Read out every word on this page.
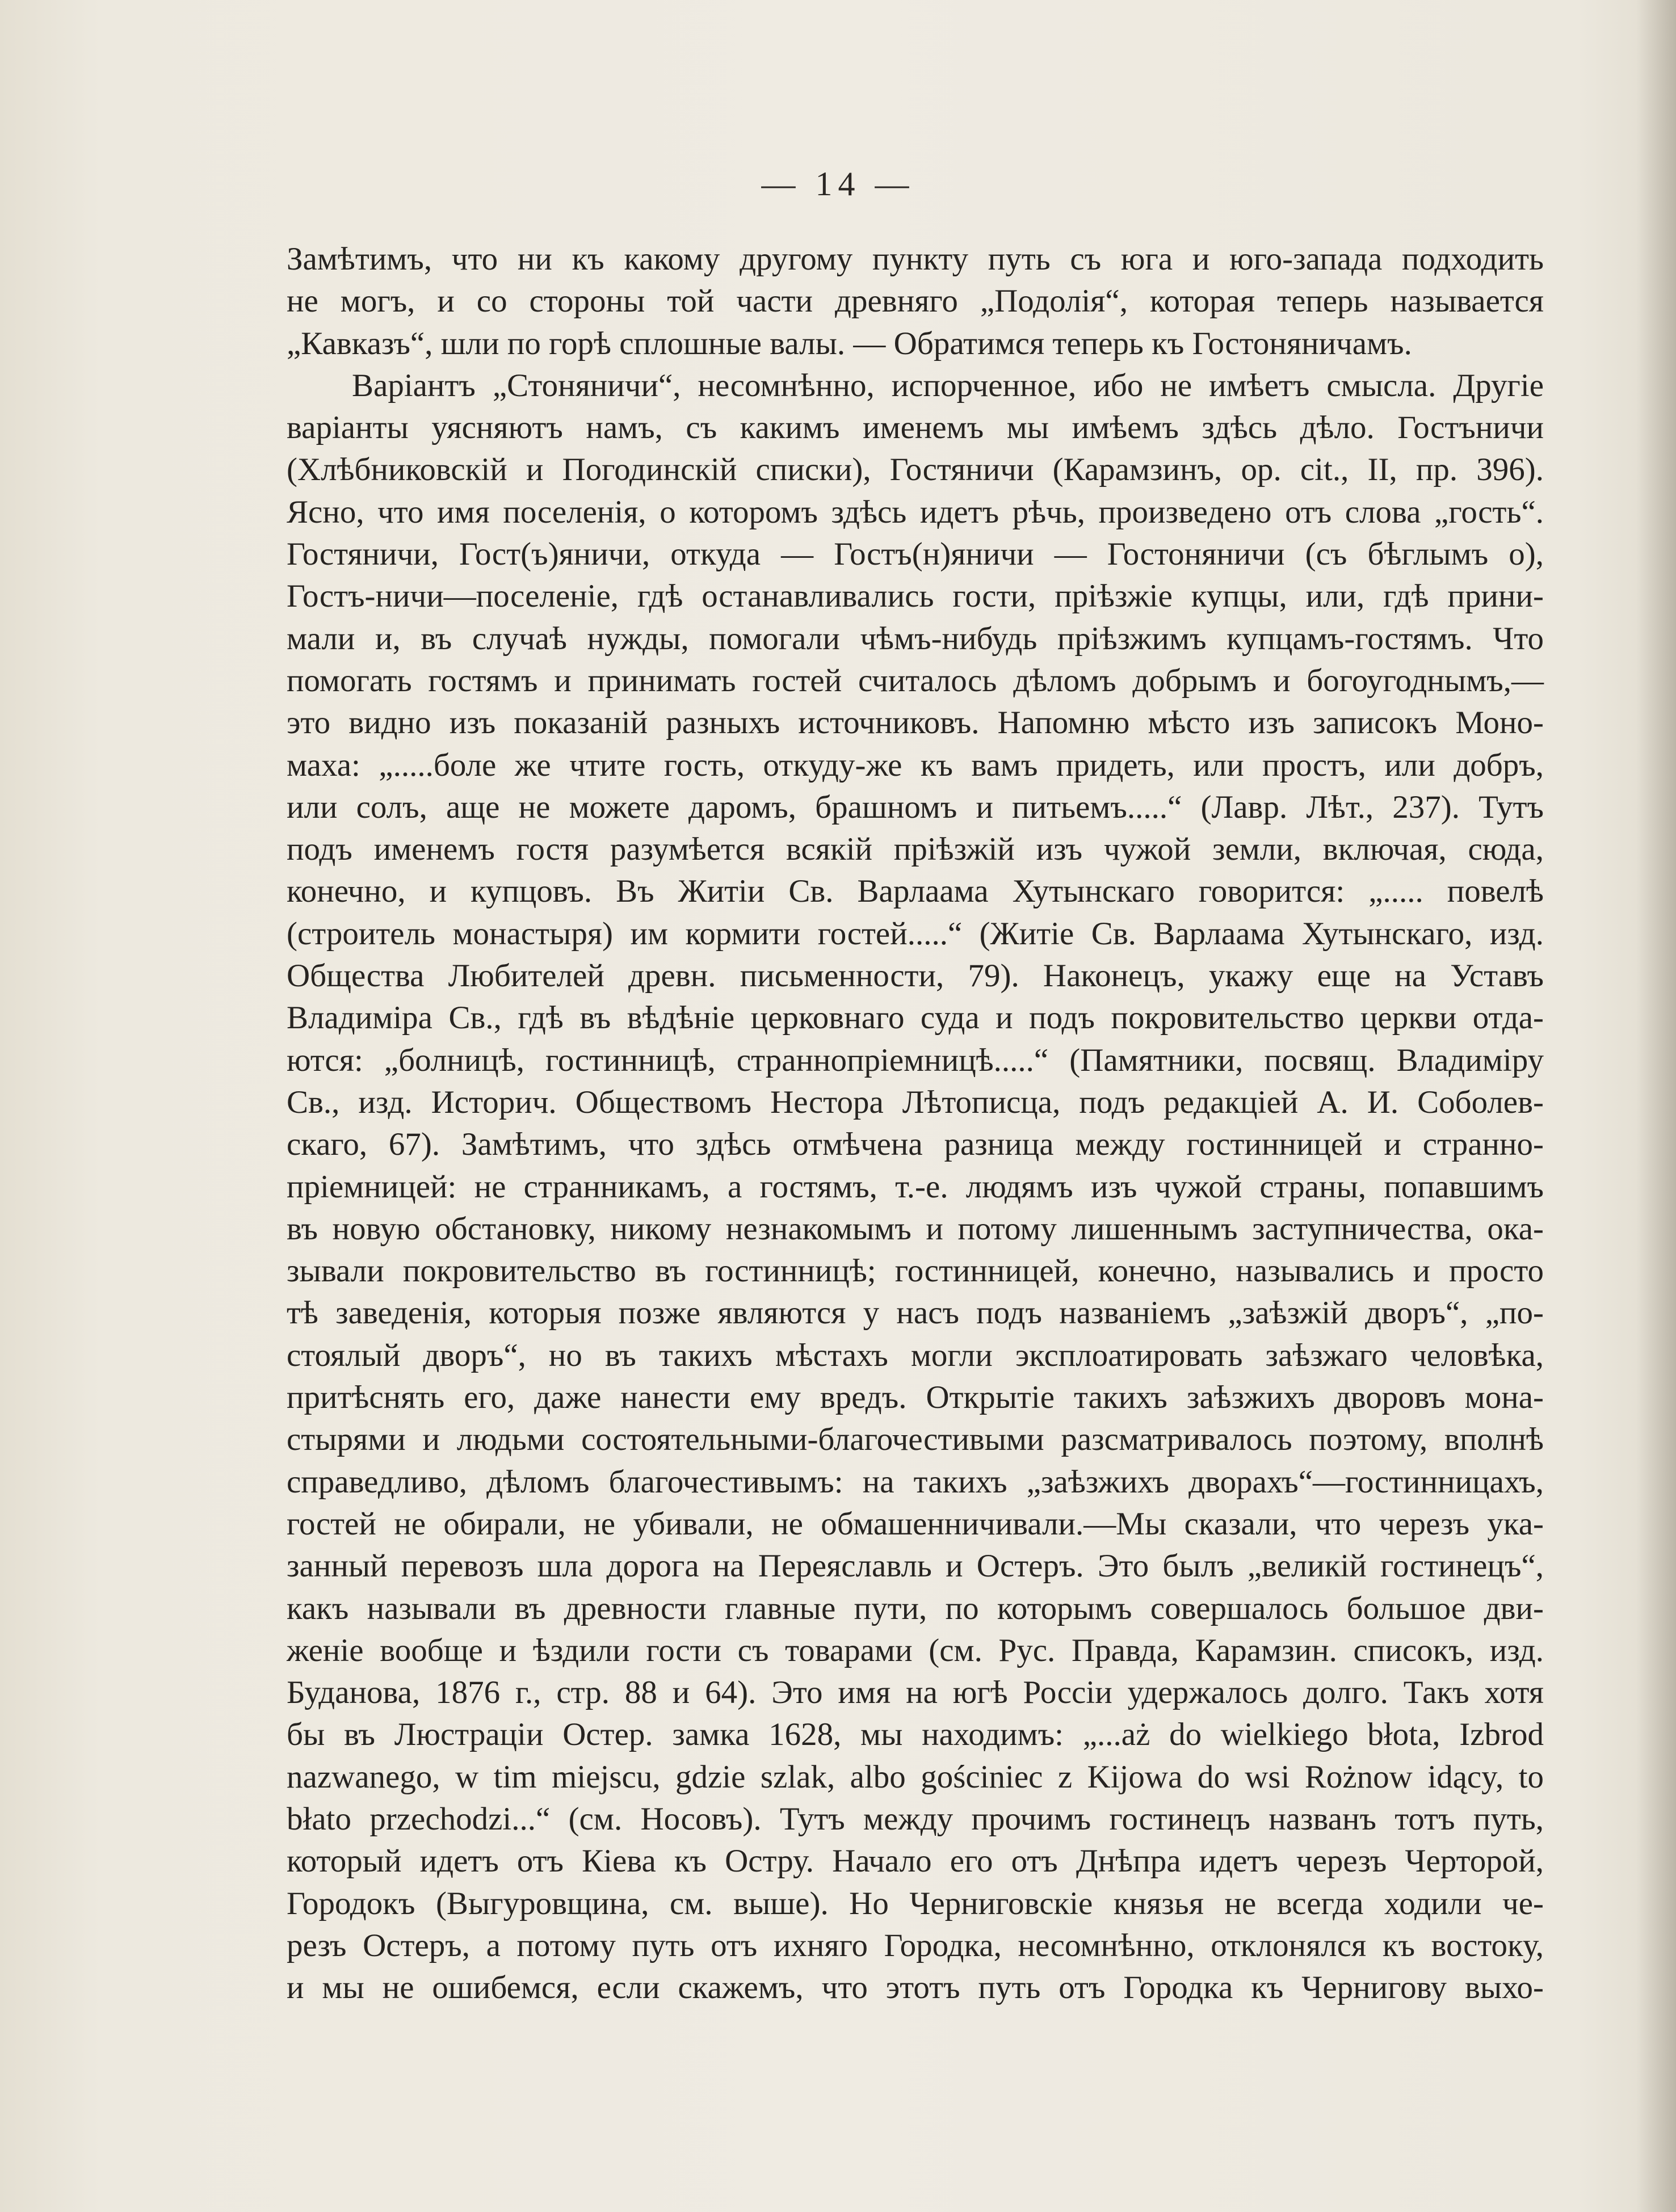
— 14 —
Замѣтимъ, что ни къ какому другому пункту путь съ юга и юго-запада подходить
не могъ, и со стороны той части древняго „Подолія“, которая теперь называется
„Кавказъ“, шли по горѣ сплошные валы. — Обратимся теперь къ Гостоняничамъ.
Варіантъ „Стоняничи“, несомнѣнно, испорченное, ибо не имѣетъ смысла. Другіе
варіанты уясняютъ намъ, съ какимъ именемъ мы имѣемъ здѣсь дѣло. Гостъничи
(Хлѣбниковскій и Погодинскій списки), Гостяничи (Карамзинъ, op. cit., II, пр. 396).
Ясно, что имя поселенія, о которомъ здѣсь идетъ рѣчь, произведено отъ слова „гость“.
Гостяничи, Гост(ъ)яничи, откуда — Гостъ(н)яничи — Гостоняничи (съ бѣглымъ о),
Гостъ-ничи—поселеніе, гдѣ останавливались гости, пріѣзжіе купцы, или, гдѣ прини-
мали и, въ случаѣ нужды, помогали чѣмъ-нибудь пріѣзжимъ купцамъ-гостямъ. Что
помогать гостямъ и принимать гостей считалось дѣломъ добрымъ и богоугоднымъ,—
это видно изъ показаній разныхъ источниковъ. Напомню мѣсто изъ записокъ Моно-
маха: „.....боле же чтите гость, откуду-же къ вамъ придеть, или простъ, или добръ,
или солъ, аще не можете даромъ, брашномъ и питьемъ.....“ (Лавр. Лѣт., 237). Тутъ
подъ именемъ гостя разумѣется всякій пріѣзжій изъ чужой земли, включая, сюда,
конечно, и купцовъ. Въ Житіи Св. Варлаама Хутынскаго говорится: „..... повелѣ
(строитель монастыря) им кормити гостей.....“ (Житіе Св. Варлаама Хутынскаго, изд.
Общества Любителей древн. письменности, 79). Наконецъ, укажу еще на Уставъ
Владиміра Св., гдѣ въ вѣдѣніе церковнаго суда и подъ покровительство церкви отда-
ются: „болницѣ, гостинницѣ, страннопріемницѣ.....“ (Памятники, посвящ. Владиміру
Св., изд. Историч. Обществомъ Нестора Лѣтописца, подъ редакціей А. И. Соболев-
скаго, 67). Замѣтимъ, что здѣсь отмѣчена разница между гостинницей и странно-
пріемницей: не странникамъ, а гостямъ, т.-е. людямъ изъ чужой страны, попавшимъ
въ новую обстановку, никому незнакомымъ и потому лишеннымъ заступничества, ока-
зывали покровительство въ гостинницѣ; гостинницей, конечно, назывались и просто
тѣ заведенія, которыя позже являются у насъ подъ названіемъ „заѣзжій дворъ“, „по-
стоялый дворъ“, но въ такихъ мѣстахъ могли эксплоатировать заѣзжаго человѣка,
притѣснять его, даже нанести ему вредъ. Открытіе такихъ заѣзжихъ дворовъ мона-
стырями и людьми состоятельными-благочестивыми разсматривалось поэтому, вполнѣ
справедливо, дѣломъ благочестивымъ: на такихъ „заѣзжихъ дворахъ“—гостинницахъ,
гостей не обирали, не убивали, не обмашенничивали.—Мы сказали, что черезъ ука-
занный перевозъ шла дорога на Переяславль и Остеръ. Это былъ „великій гостинецъ“,
какъ называли въ древности главные пути, по которымъ совершалось большое дви-
женіе вообще и ѣздили гости съ товарами (см. Рус. Правда, Карамзин. списокъ, изд.
Буданова, 1876 г., стр. 88 и 64). Это имя на югѣ Россіи удержалось долго. Такъ хотя
бы въ Люстраціи Остер. замка 1628, мы находимъ: „...aż do wielkiego błota, Izbrod
nazwanego, w tim miejscu, gdzie szlak, albo gościniec z Kijowa do wsi Rożnow idący, to
błato przechodzi...“ (см. Носовъ). Тутъ между прочимъ гостинецъ названъ тотъ путь,
который идетъ отъ Кіева къ Остру. Начало его отъ Днѣпра идетъ черезъ Черторой,
Городокъ (Выгуровщина, см. выше). Но Черниговскіе князья не всегда ходили че-
резъ Остеръ, а потому путь отъ ихняго Городка, несомнѣнно, отклонялся къ востоку,
и мы не ошибемся, если скажемъ, что этотъ путь отъ Городка къ Чернигову выхо-
